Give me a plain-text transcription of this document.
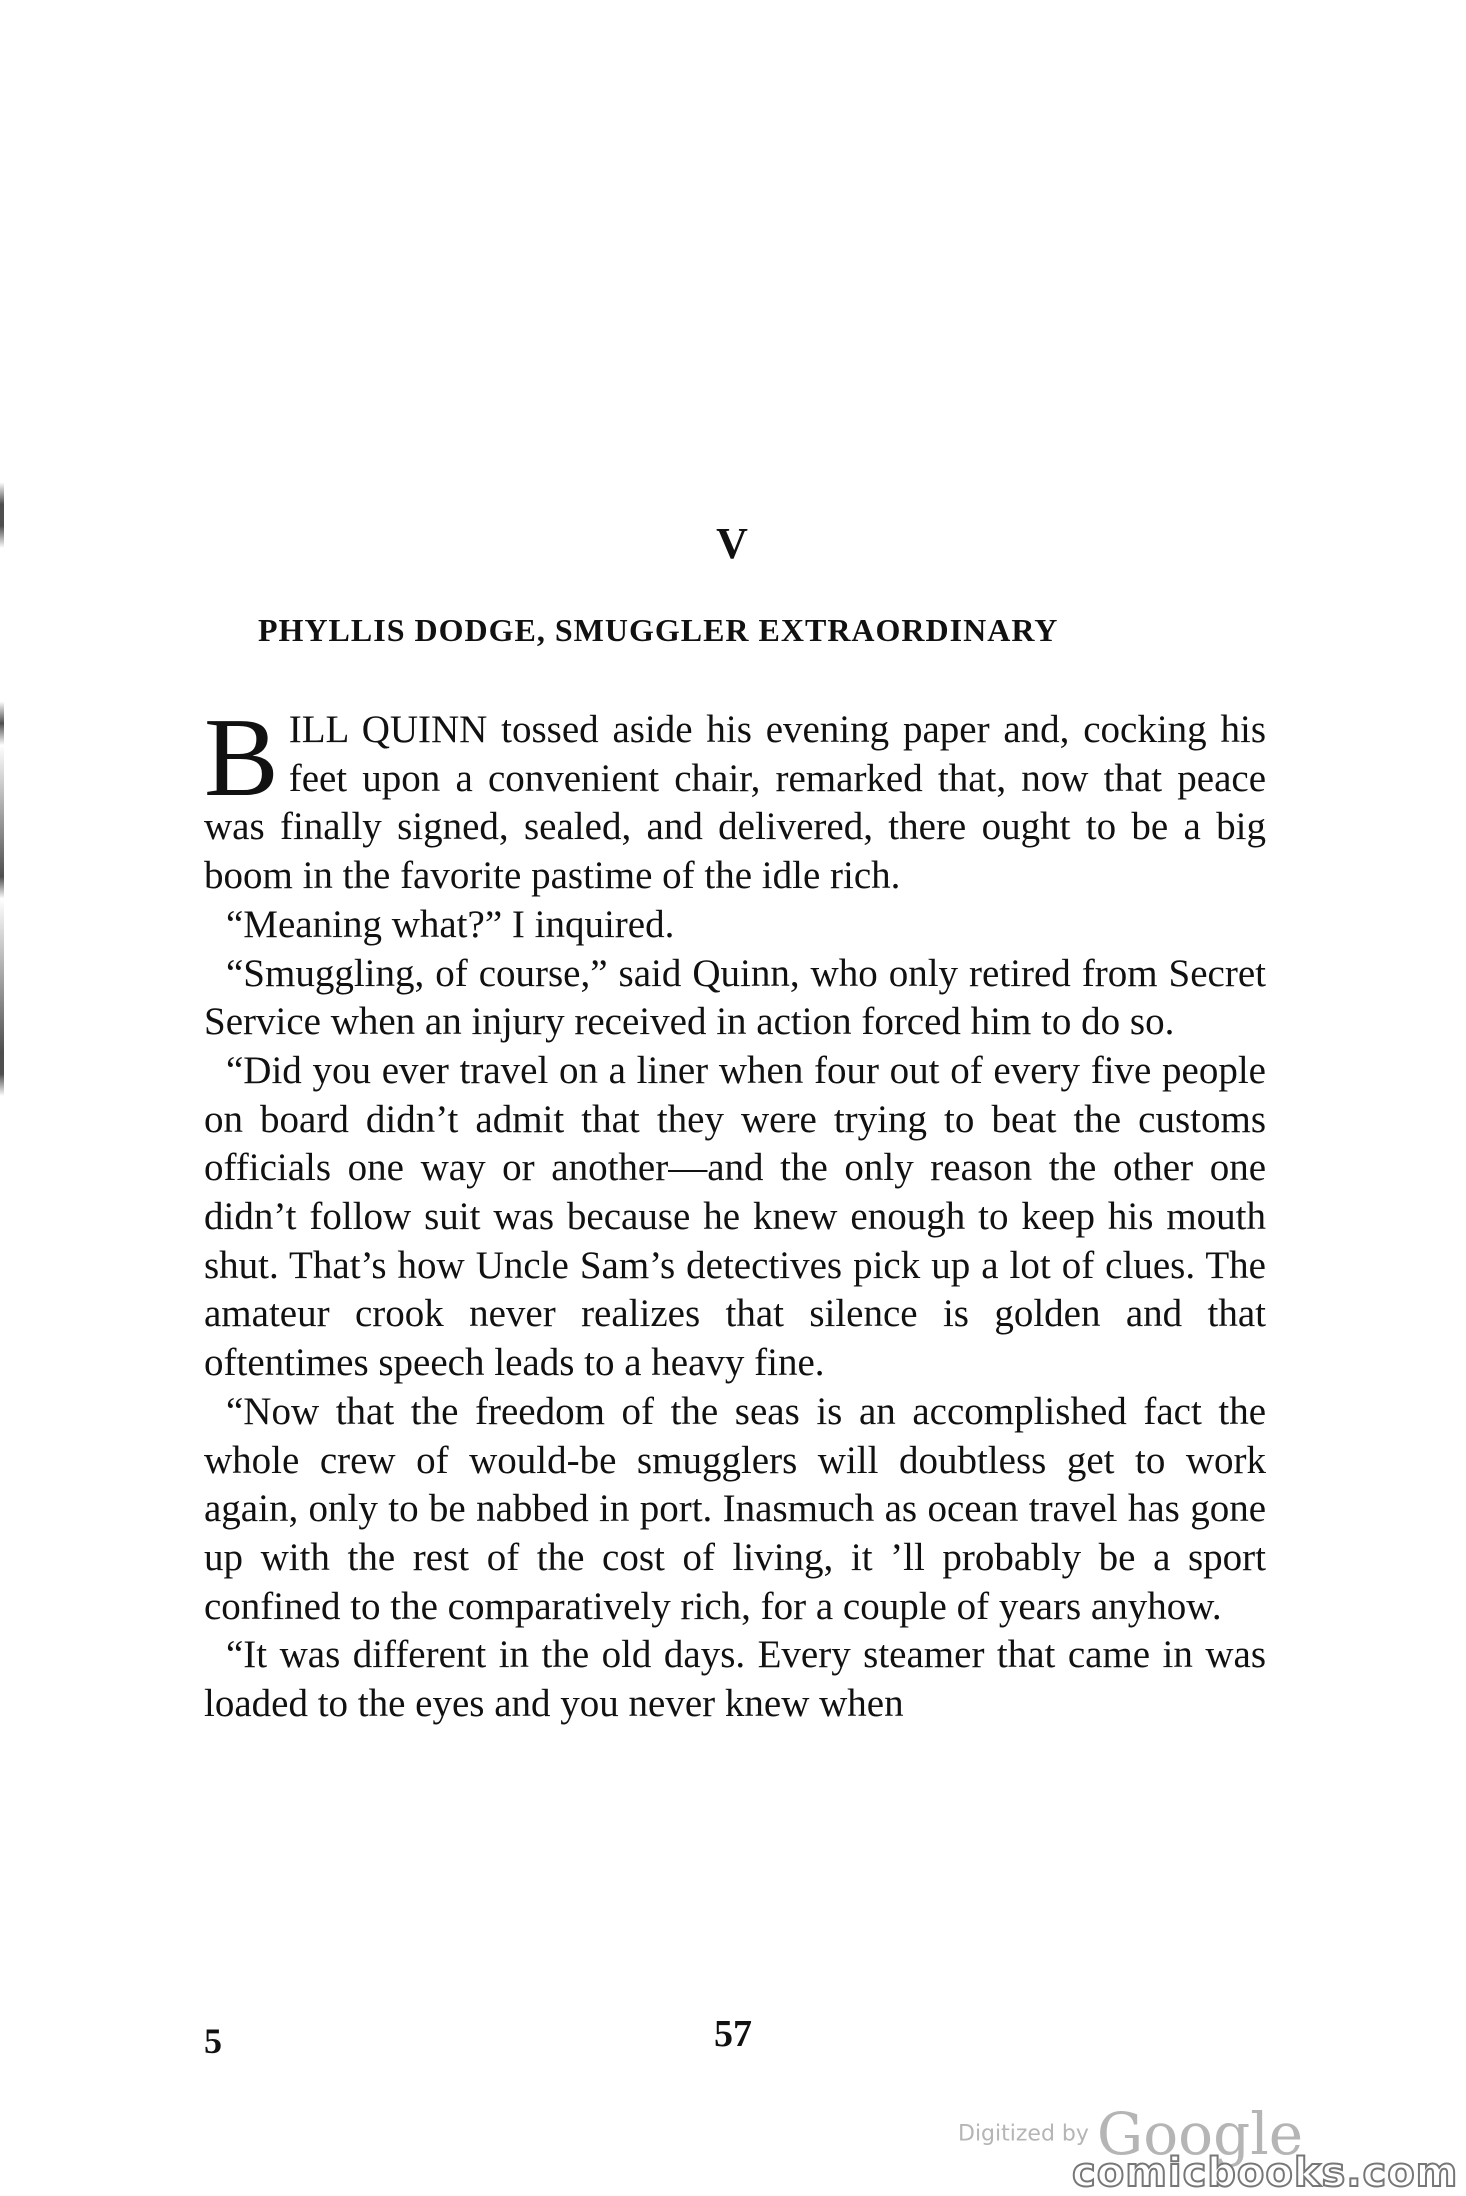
V
PHYLLIS DODGE, SMUGGLER EXTRAORDINARY

BILL QUINN tossed aside his evening paper and, cocking his feet upon a convenient chair, remarked that, now that peace was finally signed, sealed, and delivered, there ought to be a big boom in the favorite pastime of the idle rich.

“Meaning what?” I inquired.

“Smuggling, of course,” said Quinn, who only retired from Secret Service when an injury received in action forced him to do so.

“Did you ever travel on a liner when four out of every five people on board didn’t admit that they were trying to beat the customs officials one way or another—and the only reason the other one didn’t follow suit was because he knew enough to keep his mouth shut. That’s how Uncle Sam’s detectives pick up a lot of clues. The amateur crook never realizes that silence is golden and that oftentimes speech leads to a heavy fine.

“Now that the freedom of the seas is an accomplished fact the whole crew of would-be smugglers will doubtless get to work again, only to be nabbed in port. Inasmuch as ocean travel has gone up with the rest of the cost of living, it ’ll probably be a sport confined to the comparatively rich, for a couple of years anyhow.

“It was different in the old days. Every steamer that came in was loaded to the eyes and you never knew when

5	57
Digitized by Google
comicbooks.com
